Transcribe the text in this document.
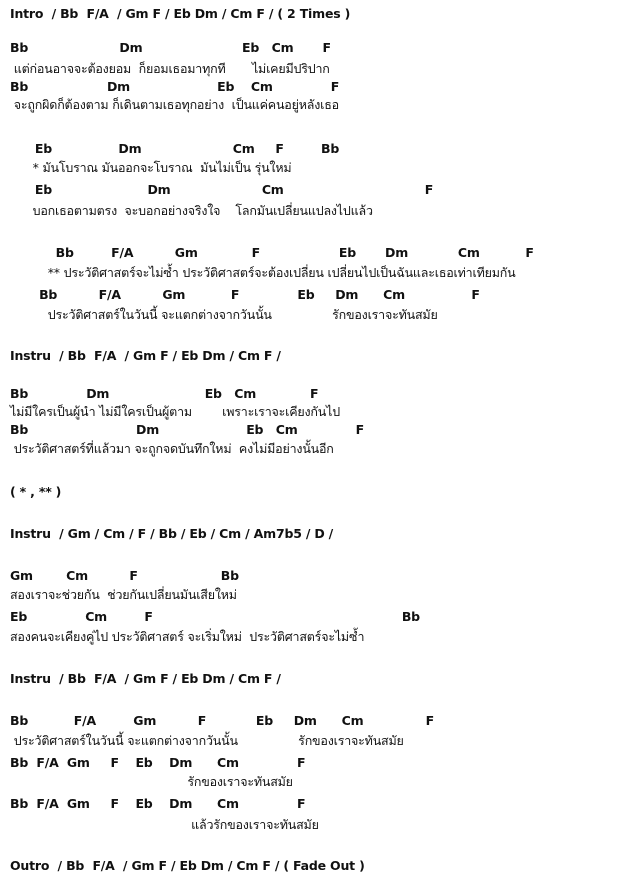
Intro  / Bb  F/A  / Gm F / Eb Dm / Cm F / ( 2 Times )
Bb                      Dm                        Eb   Cm       F
แต่ก่อนอาจจะต้องยอม  ก็ยอมเธอมาทุกที       ไม่เคยมีปริปาก
Bb                   Dm                     Eb    Cm              F
จะถูกผิดก็ต้องตาม ก็เดินตามเธอทุกอย่าง  เป็นแค่คนอยู่หลังเธอ
Eb                Dm                      Cm     F         Bb
* มันโบราณ มันออกจะโบราณ  มันไม่เป็น รุ่นใหม่
Eb                       Dm                      Cm                                  F
บอกเธอตามตรง  จะบอกอย่างจริงใจ    โลกมันเปลี่ยนแปลงไปแล้ว
Bb         F/A          Gm             F                   Eb       Dm            Cm           F
** ประวัติศาสตร์จะไม่ซ้ำ ประวัติศาสตร์จะต้องเปลี่ยน เปลี่ยนไปเป็นฉันและเธอเท่าเทียมกัน
Bb          F/A          Gm           F              Eb     Dm      Cm                F
ประวัติศาสตร์ในวันนี้ จะแตกต่างจากวันนั้น                รักของเราจะทันสมัย
Instru  / Bb  F/A  / Gm F / Eb Dm / Cm F /
Bb              Dm                       Eb   Cm             F
ไม่มีใครเป็นผู้นำ ไม่มีใครเป็นผู้ตาม        เพราะเราจะเคียงกันไป
Bb                          Dm                     Eb   Cm              F
ประวัติศาสตร์ที่แล้วมา จะถูกจดบันทึกใหม่  คงไม่มีอย่างนั้นอีก
( * , ** )
Instru  / Gm / Cm / F / Bb / Eb / Cm / Am7b5 / D /
Gm        Cm          F                    Bb
สองเราจะช่วยกัน  ช่วยกันเปลี่ยนมันเสียใหม่
Eb              Cm         F                                                            Bb
สองคนจะเคียงคู่ไป ประวัติศาสตร์ จะเริ่มใหม่  ประวัติศาสตร์จะไม่ซ้ำ
Instru  / Bb  F/A  / Gm F / Eb Dm / Cm F /
Bb           F/A         Gm          F            Eb     Dm      Cm               F
ประวัติศาสตร์ในวันนี้ จะแตกต่างจากวันนั้น                รักของเราจะทันสมัย
Bb  F/A  Gm     F    Eb    Dm      Cm              F
รักของเราจะทันสมัย
Bb  F/A  Gm     F    Eb    Dm      Cm              F
แล้วรักของเราจะทันสมัย
Outro  / Bb  F/A  / Gm F / Eb Dm / Cm F / ( Fade Out )
